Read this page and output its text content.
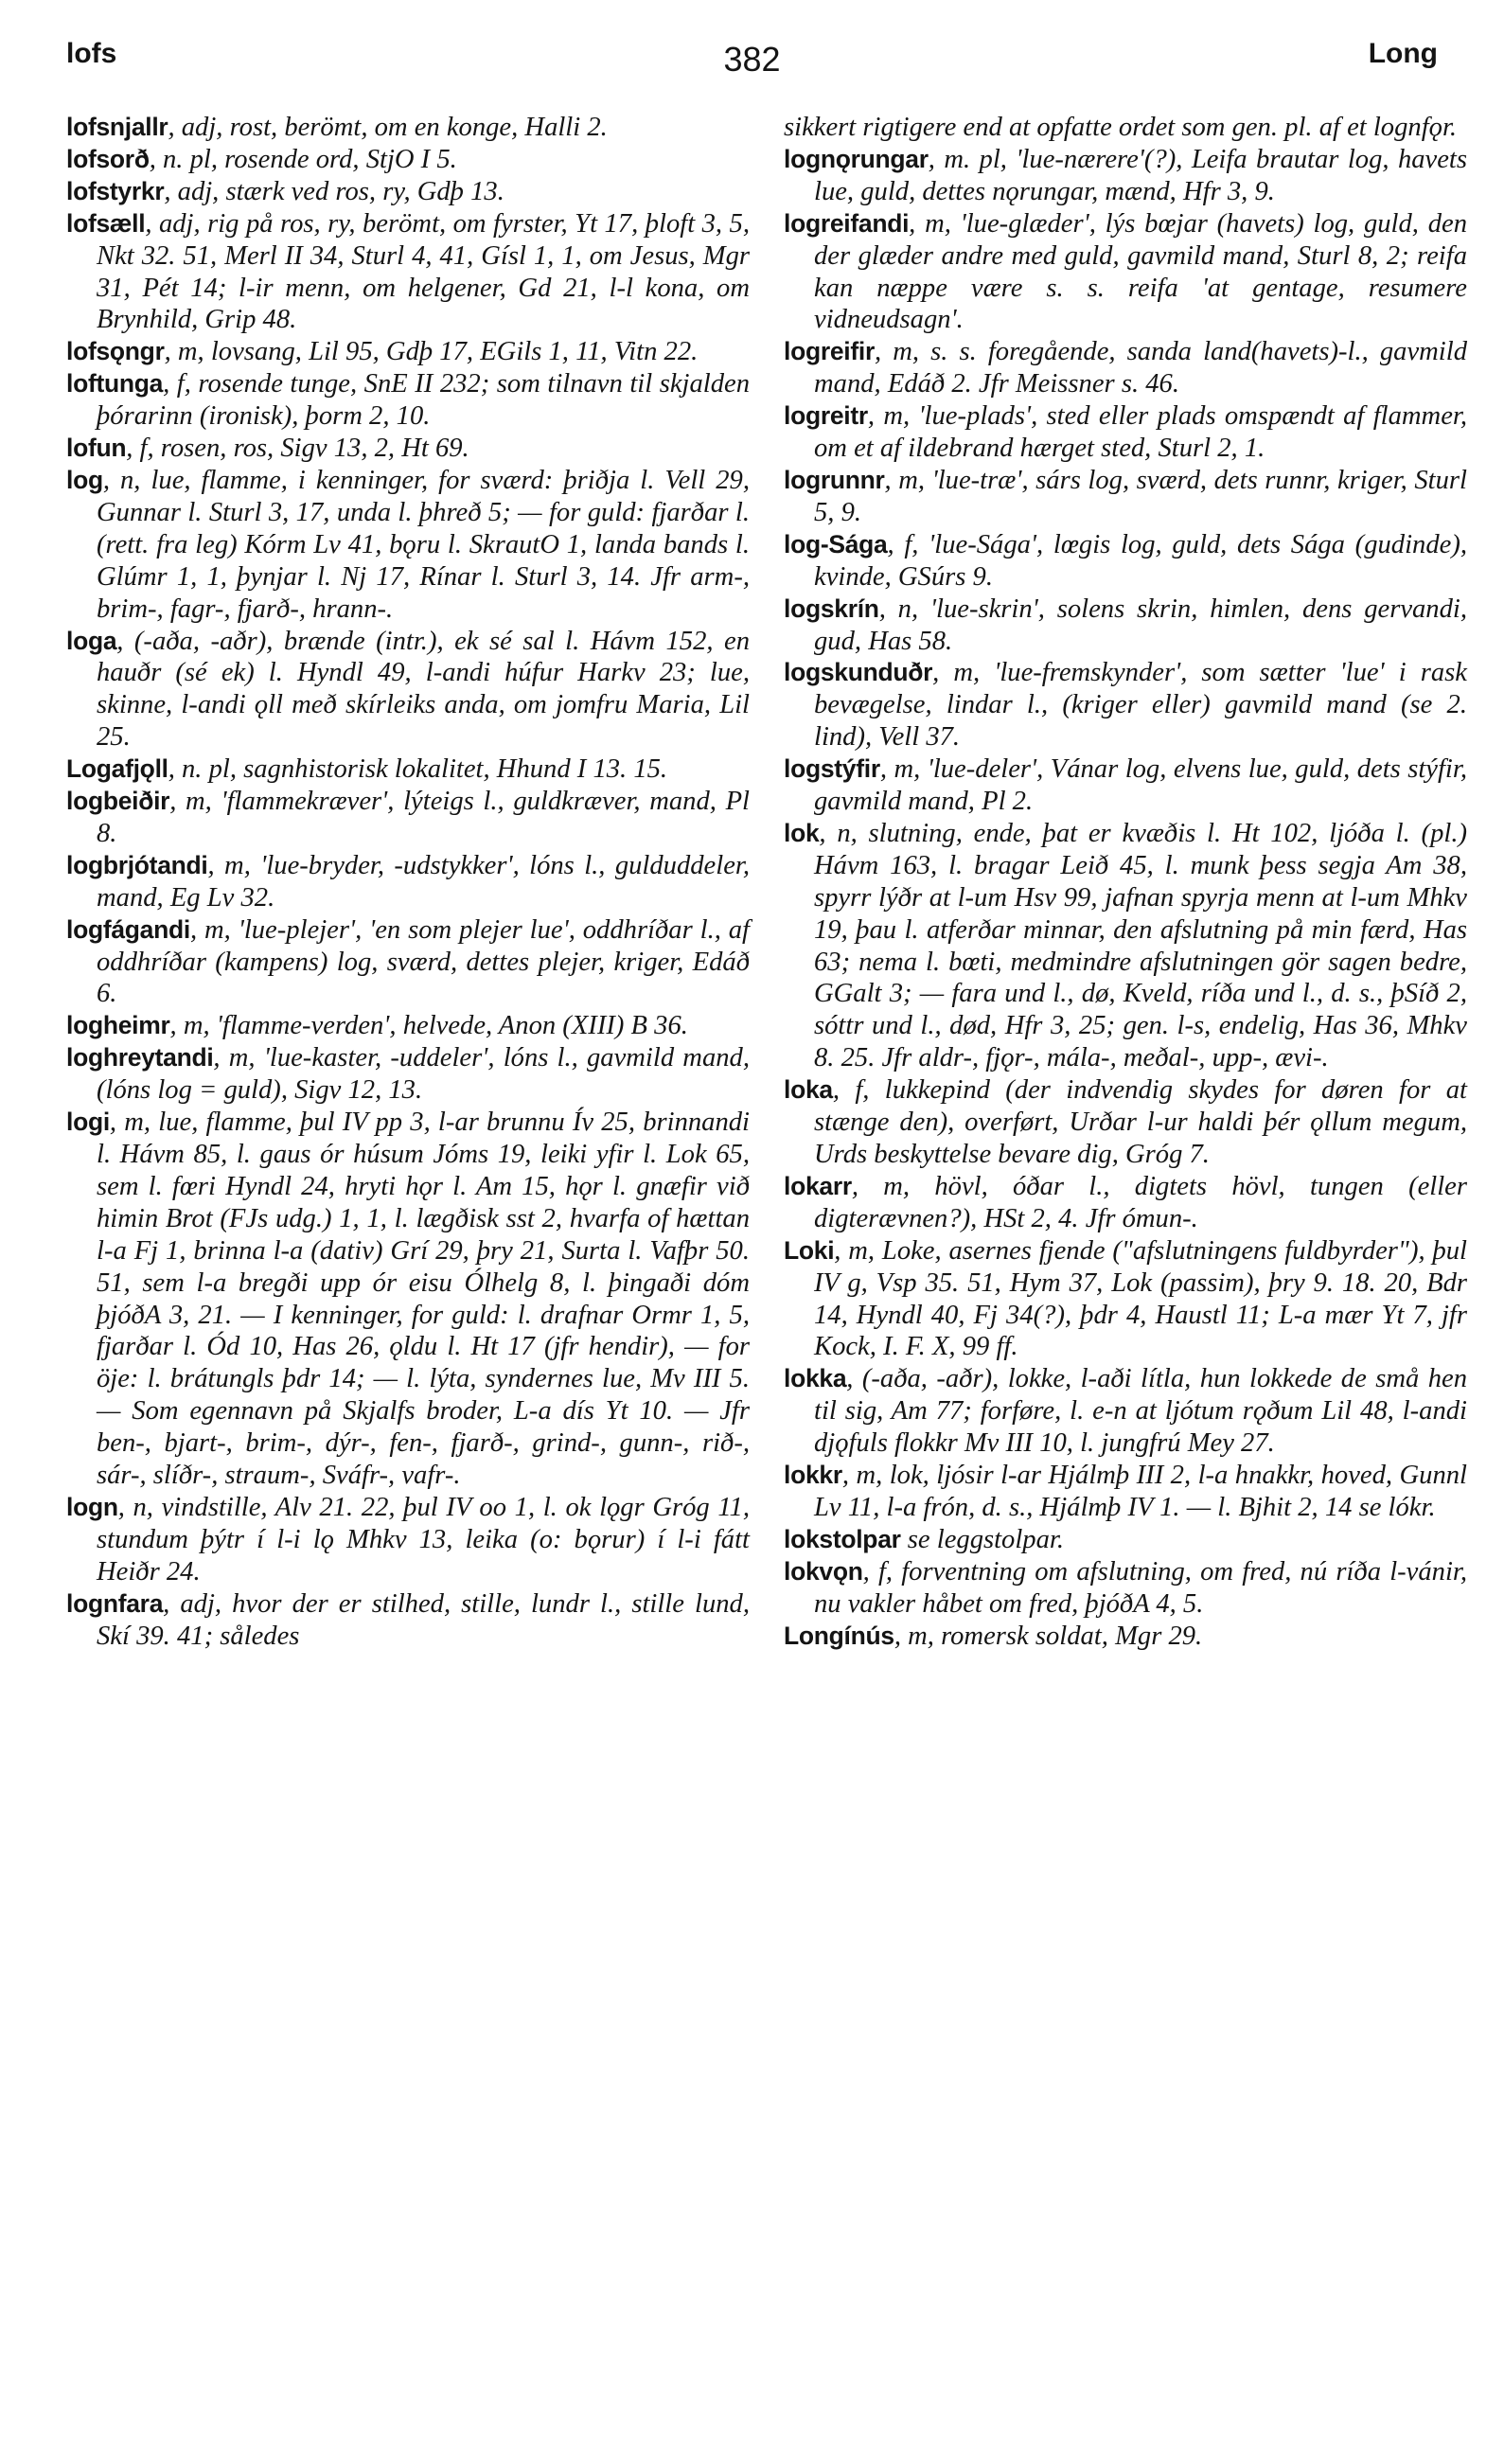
lofs	382	Long

lofsnjallr, adj, rost, berömt, om en konge, Halli 2.

lofsorð, n. pl, rosende ord, StjO I 5.

lofstyrkr, adj, stærk ved ros, ry, Gdþ 13.

lofsæll, adj, rig på ros, ry, berömt, om fyrster, Yt 17, þloft 3, 5, Nkt 32. 51, Merl II 34, Sturl 4, 41, Gísl 1, 1, om Jesus, Mgr 31, Pét 14; l-ir menn, om helgener, Gd 21, l-l kona, om Brynhild, Grip 48.

lofsǫngr, m, lovsang, Lil 95, Gdþ 17, EGils 1, 11, Vitn 22.

loftunga, f, rosende tunge, SnE II 232; som tilnavn til skjalden þórarinn (ironisk), þorm 2, 10.

lofun, f, rosen, ros, Sigv 13, 2, Ht 69.

log, n, lue, flamme, i kenninger, for sværd: þriðja l. Vell 29, Gunnar l. Sturl 3, 17, unda l. þhreð 5; — for guld: fjarðar l. (rett. fra leg) Kórm Lv 41, bǫru l. SkrautO 1, landa bands l. Glúmr 1, 1, þynjar l. Nj 17, Rínar l. Sturl 3, 14. Jfr arm-, brim-, fagr-, fjarð-, hrann-.

loga, (-aða, -aðr), brænde (intr.), ek sé sal l. Hávm 152, en hauðr (sé ek) l. Hyndl 49, l-andi húfur Harkv 23; lue, skinne, l-andi ǫll með skírleiks anda, om jomfru Maria, Lil 25.

Logafjǫll, n. pl, sagnhistorisk lokalitet, Hhund I 13. 15.

logbeiðir, m, 'flammekræver', lýteigs l., guldkræver, mand, Pl 8.

logbrjótandi, m, 'lue-bryder, -udstykker', lóns l., gulduddeler, mand, Eg Lv 32.

logfágandi, m, 'lue-plejer', 'en som plejer lue', oddhríðar l., af oddhríðar (kampens) log, sværd, dettes plejer, kriger, Edáð 6.

logheimr, m, 'flamme-verden', helvede, Anon (XIII) B 36.

loghreytandi, m, 'lue-kaster, -uddeler', lóns l., gavmild mand, (lóns log = guld), Sigv 12, 13.

logi, m, lue, flamme, þul IV pp 3, l-ar brunnu Ív 25, brinnandi l. Hávm 85, l. gaus ór húsum Jóms 19, leiki yfir l. Lok 65, sem l. fœri Hyndl 24, hryti hǫr l. Am 15, hǫr l. gnæfir við himin Brot (FJs udg.) 1, 1, l. lægðisk sst 2, hvarfa of hættan l-a Fj 1, brinna l-a (dativ) Grí 29, þry 21, Surta l. Vafþr 50. 51, sem l-a bregði upp ór eisu Ólhelg 8, l. þingaði dóm þjóðA 3, 21. — I kenninger, for guld: l. drafnar Ormr 1, 5, fjarðar l. Ód 10, Has 26, ǫldu l. Ht 17 (jfr hendir), — for öje: l. brátungls þdr 14; — l. lýta, syndernes lue, Mv III 5. — Som egennavn på Skjalfs broder, L-a dís Yt 10. — Jfr ben-, bjart-, brim-, dýr-, fen-, fjarð-, grind-, gunn-, rið-, sár-, slíðr-, straum-, Sváfr-, vafr-.

logn, n, vindstille, Alv 21. 22, þul IV oo 1, l. ok lǫgr Gróg 11, stundum þýtr í l-i lǫ Mhkv 13, leika (o: bǫrur) í l-i fátt Heiðr 24.

lognfara, adj, hvor der er stilhed, stille, lundr l., stille lund, Skí 39. 41; således

sikkert rigtigere end at opfatte ordet som gen. pl. af et lognfǫr.

lognǫrungar, m. pl, 'lue-nærere'(?), Leifa brautar log, havets lue, guld, dettes nǫrungar, mænd, Hfr 3, 9.

logreifandi, m, 'lue-glæder', lýs bœjar (havets) log, guld, den der glæder andre med guld, gavmild mand, Sturl 8, 2; reifa kan næppe være s. s. reifa 'at gentage, resumere vidneudsagn'.

logreifir, m, s. s. foregående, sanda land(havets)-l., gavmild mand, Edáð 2. Jfr Meissner s. 46.

logreitr, m, 'lue-plads', sted eller plads omspændt af flammer, om et af ildebrand hærget sted, Sturl 2, 1.

logrunnr, m, 'lue-træ', sárs log, sværd, dets runnr, kriger, Sturl 5, 9.

log-Sága, f, 'lue-Sága', lœgis log, guld, dets Sága (gudinde), kvinde, GSúrs 9.

logskrín, n, 'lue-skrin', solens skrin, himlen, dens gervandi, gud, Has 58.

logskunduðr, m, 'lue-fremskynder', som sætter 'lue' i rask bevægelse, lindar l., (kriger eller) gavmild mand (se 2. lind), Vell 37.

logstýfir, m, 'lue-deler', Vánar log, elvens lue, guld, dets stýfir, gavmild mand, Pl 2.

lok, n, slutning, ende, þat er kvæðis l. Ht 102, ljóða l. (pl.) Hávm 163, l. bragar Leið 45, l. munk þess segja Am 38, spyrr lýðr at l-um Hsv 99, jafnan spyrja menn at l-um Mhkv 19, þau l. atferðar minnar, den afslutning på min færd, Has 63; nema l. bœti, medmindre afslutningen gör sagen bedre, GGalt 3; — fara und l., dø, Kveld, ríða und l., d. s., þSíð 2, sóttr und l., død, Hfr 3, 25; gen. l-s, endelig, Has 36, Mhkv 8. 25. Jfr aldr-, fjǫr-, mála-, meðal-, upp-, ævi-.

loka, f, lukkepind (der indvendig skydes for døren for at stænge den), overført, Urðar l-ur haldi þér ǫllum megum, Urds beskyttelse bevare dig, Gróg 7.

lokarr, m, hövl, óðar l., digtets hövl, tungen (eller digterævnen?), HSt 2, 4. Jfr ómun-.

Loki, m, Loke, asernes fjende ("afslutningens fuldbyrder"), þul IV g, Vsp 35. 51, Hym 37, Lok (passim), þry 9. 18. 20, Bdr 14, Hyndl 40, Fj 34(?), þdr 4, Haustl 11; L-a mær Yt 7, jfr Kock, I. F. X, 99 ff.

lokka, (-aða, -aðr), lokke, l-aði lítla, hun lokkede de små hen til sig, Am 77; forføre, l. e-n at ljótum rǫðum Lil 48, l-andi djǫfuls flokkr Mv III 10, l. jungfrú Mey 27.

lokkr, m, lok, ljósir l-ar Hjálmþ III 2, l-a hnakkr, hoved, Gunnl Lv 11, l-a frón, d. s., Hjálmþ IV 1. — l. Bjhit 2, 14 se lókr.

lokstolpar se leggstolpar.

lokvǫn, f, forventning om afslutning, om fred, nú ríða l-vánir, nu vakler håbet om fred, þjóðA 4, 5.

Longínús, m, romersk soldat, Mgr 29.
